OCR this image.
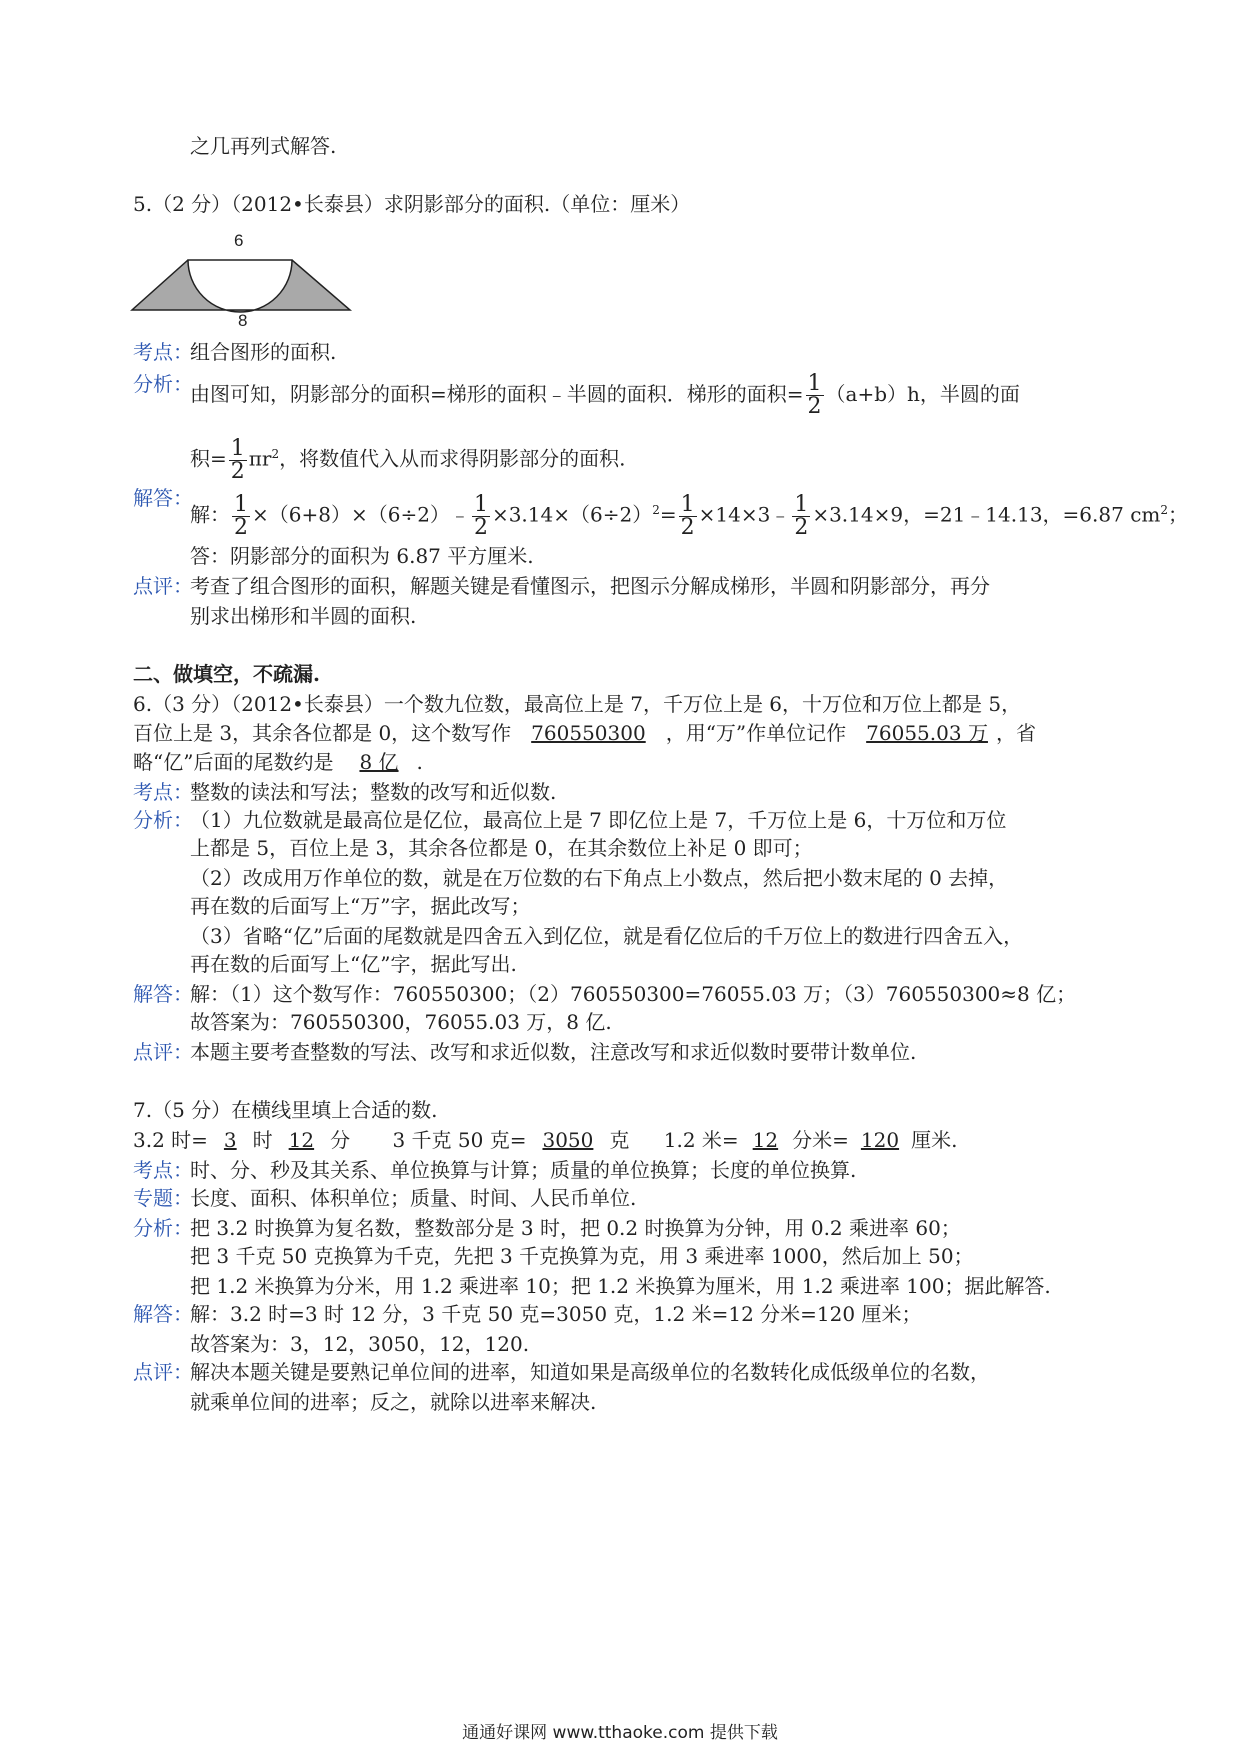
之几再列式解答.
5.（2 分）（2012•长泰县）求阴影部分的面积.（单位：厘米）
6
8
考点：
组合图形的面积.
分析：
由图可知，阴影部分的面积=梯形的面积﹣半圆的面积．梯形的面积= $\frac{1}{2} (a+b)h$，半圆的面
积= $\frac{1}{2} \pi r^2$，将数值代入从而求得阴影部分的面积.
解答：
解： $\frac{1}{2}$ ×（6+8）×（6÷2）﹣ $\frac{1}{2} \times 3.14\times(6\div 2)^2= \frac{1}{2}$ ×14×3﹣ $\frac{1}{2} \times 3.14\times 9$，=21﹣14.13，=6.87 $cm^2$；
答：阴影部分的面积为 6.87 平方厘米.
点评：
考查了组合图形的面积，解题关键是看懂图示，把图示分解成梯形，半圆和阴影部分，再分
别求出梯形和半圆的面积.
二、做填空，不疏漏.
6.（3 分）（2012•长泰县）一个数九位数，最高位上是 7，千万位上是 6，十万位和万位上都是 5，
百位上是 3，其余各位都是 0，这个数写作 760550300 ，用“万”作单位记作 76055.03 万 ，省
略“亿”后面的尾数约是 8 亿 .
考点：
整数的读法和写法；整数的改写和近似数.
分析：
（1）九位数就是最高位是亿位，最高位上是 7 即亿位上是 7，千万位上是 6，十万位和万位
上都是 5，百位上是 3，其余各位都是 0，在其余数位上补足 0 即可；
（2）改成用万作单位的数，就是在万位数的右下角点上小数点，然后把小数末尾的 0 去掉，
再在数的后面写上“万”字，据此改写；
（3）省略“亿”后面的尾数就是四舍五入到亿位，就是看亿位后的千万位上的数进行四舍五入，
再在数的后面写上“亿”字，据此写出.
解答：
解：（1）这个数写作：760550300；（2）760550300=76055.03 万；（3）760550300≈8 亿；
故答案为：760550300，76055.03 万，8 亿.
点评：
本题主要考查整数的写法、改写和求近似数，注意改写和求近似数时要带计数单位.
7.（5 分）在横线里填上合适的数.
3.2 时= 3 时 12 分 3 千克 50 克= 3050 克 1.2 米= 12 分米= 120 厘米.
考点：
时、分、秒及其关系、单位换算与计算；质量的单位换算；长度的单位换算.
专题：
长度、面积、体积单位；质量、时间、人民币单位.
分析：
把 3.2 时换算为复名数，整数部分是 3 时，把 0.2 时换算为分钟，用 0.2 乘进率 60；
把 3 千克 50 克换算为千克，先把 3 千克换算为克，用 3 乘进率 1000，然后加上 50；
把 1.2 米换算为分米，用 1.2 乘进率 10；把 1.2 米换算为厘米，用 1.2 乘进率 100；据此解答.
解答：
解：3.2 时=3 时 12 分，3 千克 50 克=3050 克，1.2 米=12 分米=120 厘米；
故答案为：3，12，3050，12，120.
点评：
解决本题关键是要熟记单位间的进率，知道如果是高级单位的名数转化成低级单位的名数，
就乘单位间的进率；反之，就除以进率来解决.
通通好课网 www.tthaoke.com 提供下载
